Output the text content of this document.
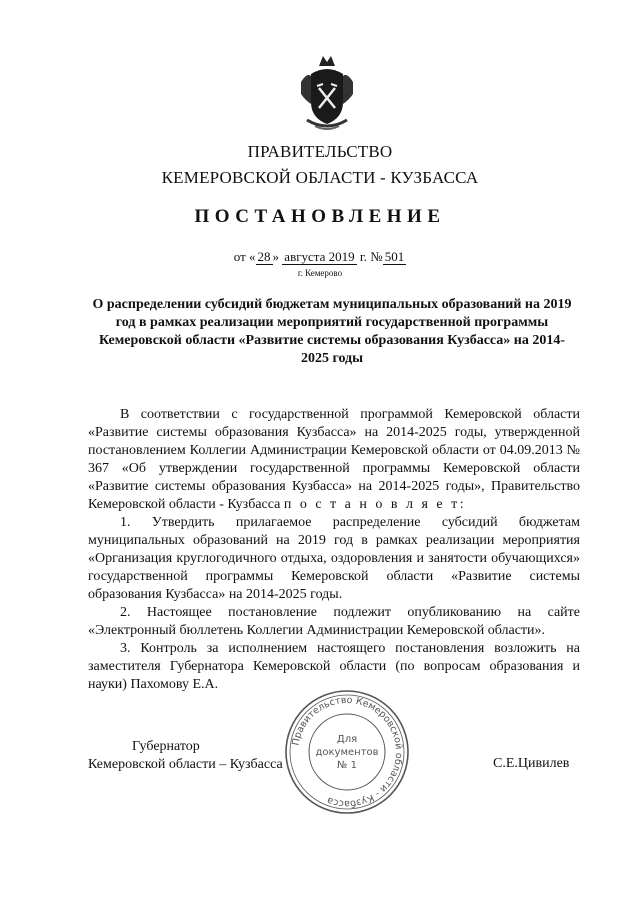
ПРАВИТЕЛЬСТВО
КЕМЕРОВСКОЙ ОБЛАСТИ - КУЗБАССА
ПОСТАНОВЛЕНИЕ
от « 28 » августа 2019 г. № 501
г. Кемерово
О распределении субсидий бюджетам муниципальных образований на 2019 год в рамках реализации мероприятий государственной программы Кемеровской области «Развитие системы образования Кузбасса» на 2014-2025 годы

В соответствии с государственной программой Кемеровской области «Развитие системы образования Кузбасса» на 2014-2025 годы, утвержденной постановлением Коллегии Администрации Кемеровской области от 04.09.2013 № 367 «Об утверждении государственной программы Кемеровской области «Развитие системы образования Кузбасса» на 2014-2025 годы», Правительство Кемеровской области - Кузбасса п о с т а н о в л я е т:

1. Утвердить прилагаемое распределение субсидий бюджетам муниципальных образований на 2019 год в рамках реализации мероприятия «Организация круглогодичного отдыха, оздоровления и занятости обучающихся» государственной программы Кемеровской области «Развитие системы образования Кузбасса» на 2014-2025 годы.

2. Настоящее постановление подлежит опубликованию на сайте «Электронный бюллетень Коллегии Администрации Кемеровской области».

3. Контроль за исполнением настоящего постановления возложить на заместителя Губернатора Кемеровской области (по вопросам образования и науки) Пахомову Е.А.

Губернатор
Кемеровской области – Кузбасса	С.Е.Цивилев
Правительство Кемеровской области - Кузбасса
Для
документов
№ 1
